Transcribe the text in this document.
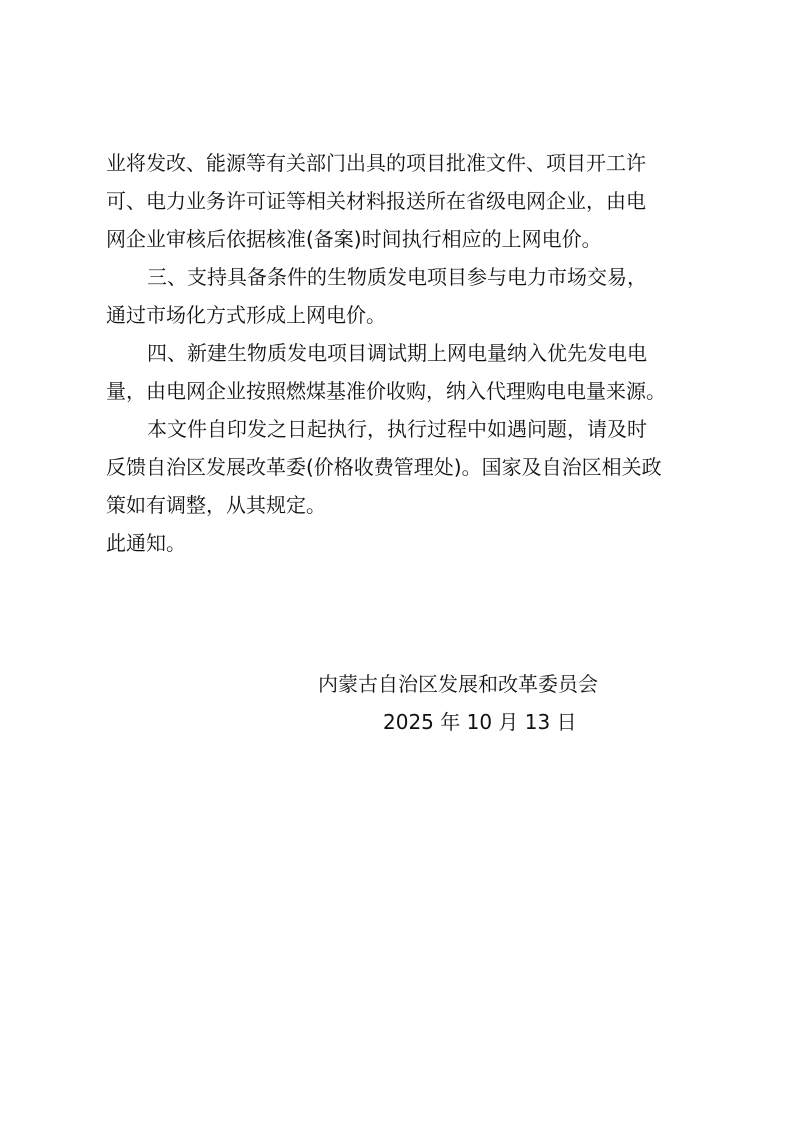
业将发改、能源等有关部门出具的项目批准文件、项目开工许
可、电力业务许可证等相关材料报送所在省级电网企业，由电
网企业审核后依据核准(备案)时间执行相应的上网电价。
三、支持具备条件的生物质发电项目参与电力市场交易，
通过市场化方式形成上网电价。
四、新建生物质发电项目调试期上网电量纳入优先发电电
量，由电网企业按照燃煤基准价收购，纳入代理购电电量来源。
本文件自印发之日起执行，执行过程中如遇问题，请及时
反馈自治区发展改革委(价格收费管理处)。国家及自治区相关政
策如有调整，从其规定。
此通知。
内蒙古自治区发展和改革委员会
2025 年 10 月 13 日
